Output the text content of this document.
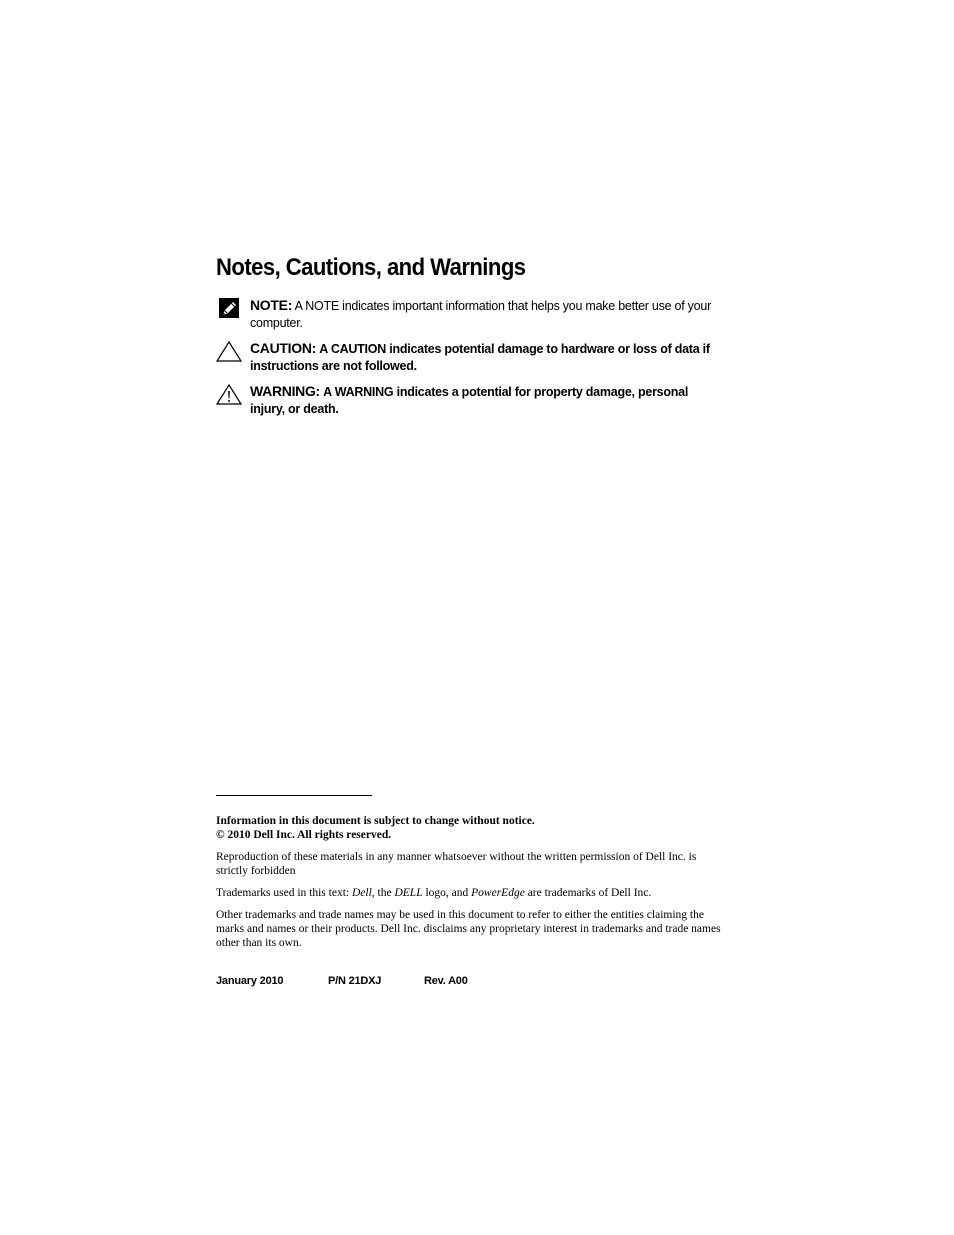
Notes, Cautions, and Warnings
NOTE: A NOTE indicates important information that helps you make better use of your computer.
CAUTION: A CAUTION indicates potential damage to hardware or loss of data if instructions are not followed.
WARNING: A WARNING indicates a potential for property damage, personal injury, or death.
Information in this document is subject to change without notice.
© 2010 Dell Inc. All rights reserved.
Reproduction of these materials in any manner whatsoever without the written permission of Dell Inc. is strictly forbidden
Trademarks used in this text: Dell, the DELL logo, and PowerEdge are trademarks of Dell Inc.
Other trademarks and trade names may be used in this document to refer to either the entities claiming the marks and names or their products. Dell Inc. disclaims any proprietary interest in trademarks and trade names other than its own.
January 2010	P/N 21DXJ	Rev. A00
